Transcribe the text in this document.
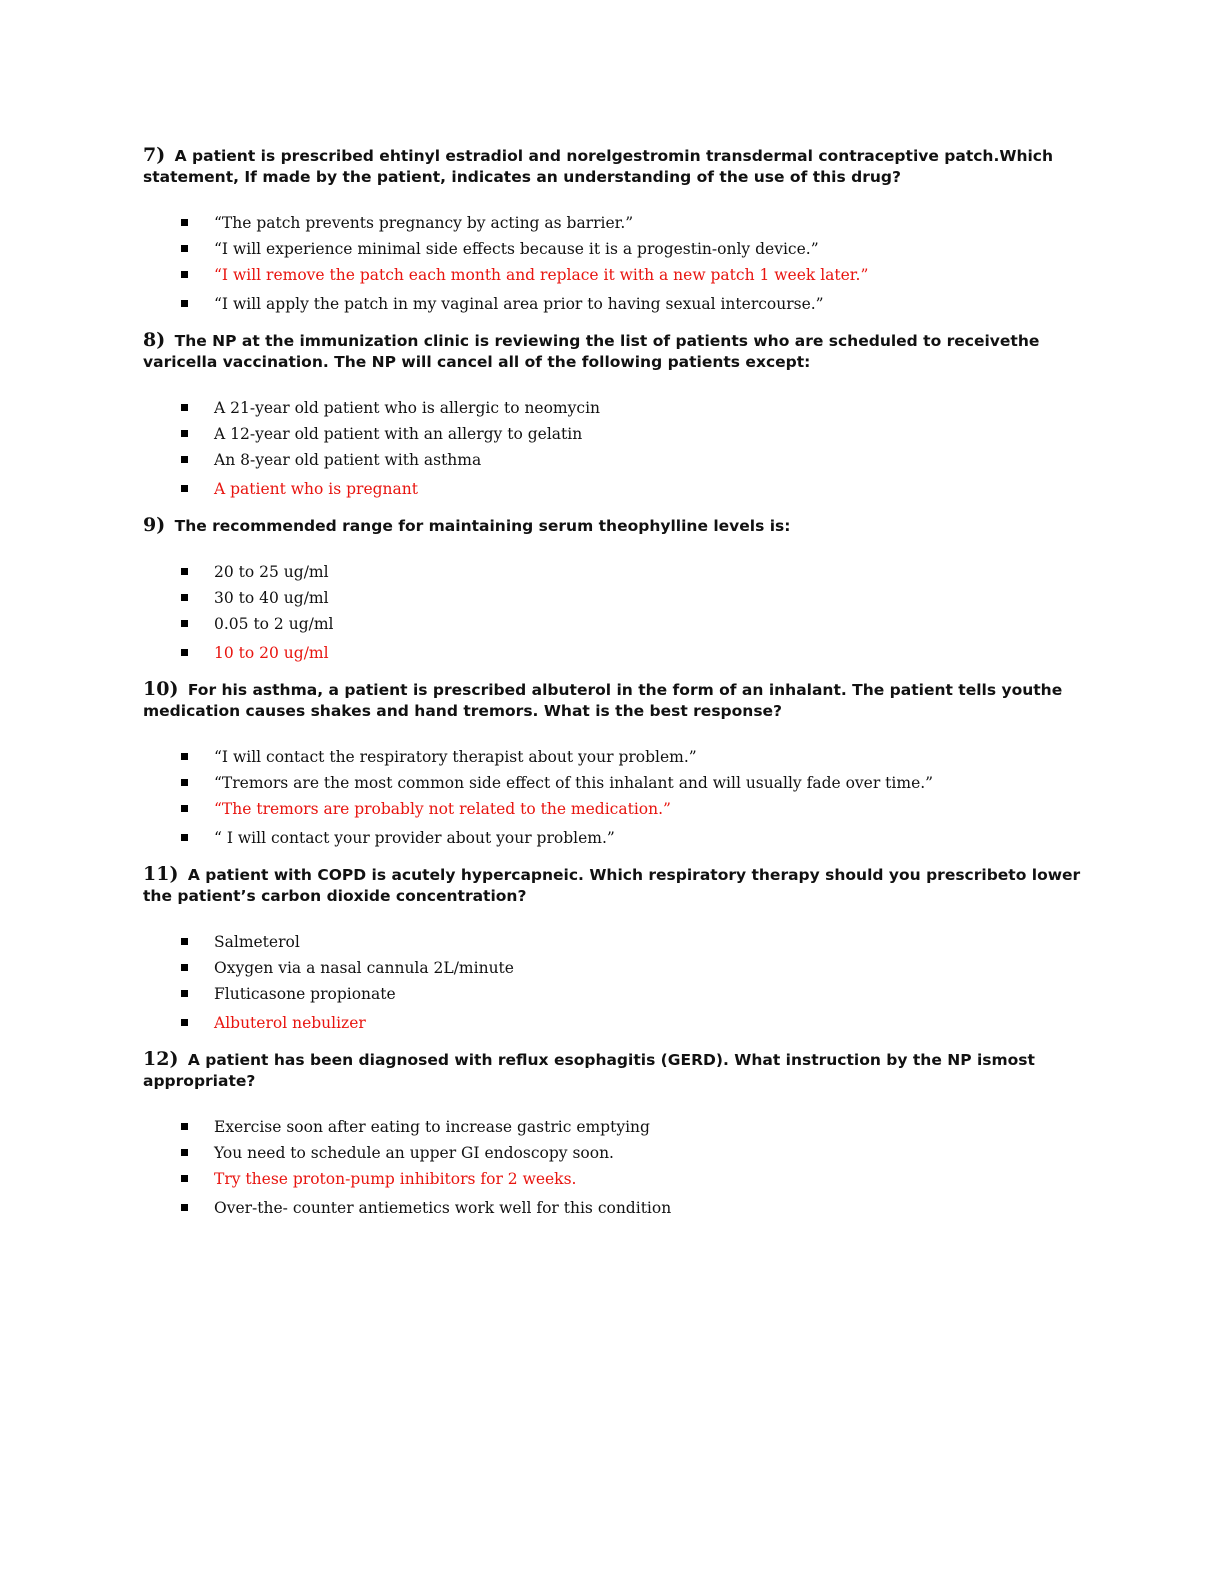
7) A patient is prescribed ehtinyl estradiol and norelgestromin transdermal contraceptive patch.Which statement, If made by the patient, indicates an understanding of the use of this drug?
“The patch prevents pregnancy by acting as barrier.”
“I will experience minimal side effects because it is a progestin-only device.”
“I will remove the patch each month and replace it with a new patch 1 week later.”
“I will apply the patch in my vaginal area prior to having sexual intercourse.”
8) The NP at the immunization clinic is reviewing the list of patients who are scheduled to receivethe varicella vaccination. The NP will cancel all of the following patients except:
A 21-year old patient who is allergic to neomycin
A 12-year old patient with an allergy to gelatin
An 8-year old patient with asthma
A patient who is pregnant
9) The recommended range for maintaining serum theophylline levels is:
20 to 25 ug/ml
30 to 40 ug/ml
0.05 to 2 ug/ml
10 to 20 ug/ml
10) For his asthma, a patient is prescribed albuterol in the form of an inhalant. The patient tells youthe medication causes shakes and hand tremors. What is the best response?
“I will contact the respiratory therapist about your problem.”
“Tremors are the most common side effect of this inhalant and will usually fade over time.”
“The tremors are probably not related to the medication.”
“ I will contact your provider about your problem.”
11) A patient with COPD is acutely hypercapneic. Which respiratory therapy should you prescribeto lower the patient’s carbon dioxide concentration?
Salmeterol
Oxygen via a nasal cannula 2L/minute
Fluticasone propionate
Albuterol nebulizer
12) A patient has been diagnosed with reflux esophagitis (GERD). What instruction by the NP ismost appropriate?
Exercise soon after eating to increase gastric emptying
You need to schedule an upper GI endoscopy soon.
Try these proton-pump inhibitors for 2 weeks.
Over-the- counter antiemetics work well for this condition
